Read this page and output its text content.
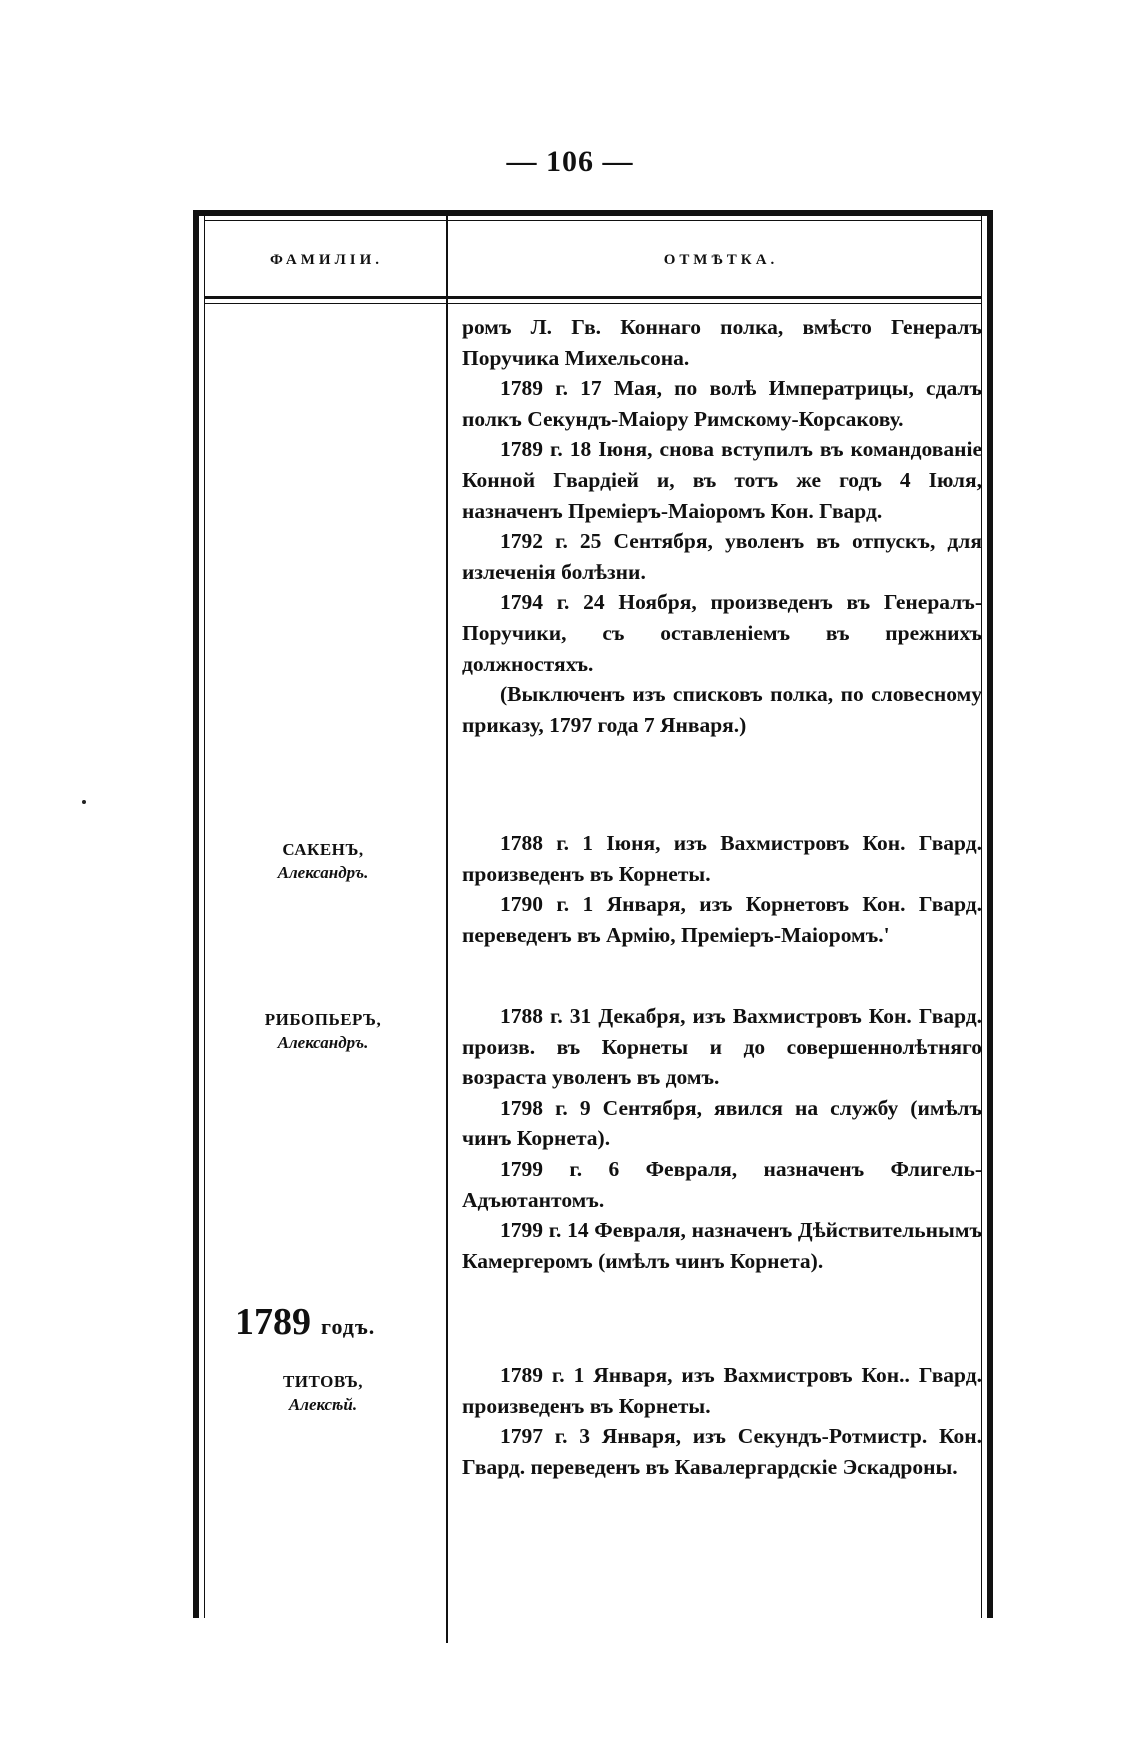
— 106 —
ФАМИЛIИ.	ОТМѢТКА.

ромъ Л. Гв. Коннаго полка, вмѣсто Генералъ Поручика Михельсона.

1789 г. 17 Мая, по волѣ Императрицы, сдалъ полкъ Секундъ-Маiору Римскому-Корсакову.

1789 г. 18 Iюня, снова вступилъ въ командованiе Конной Гвардiей и, въ тотъ же годъ 4 Iюля, назначенъ Премiеръ-Маiоромъ Кон. Гвард.

1792 г. 25 Сентября, уволенъ въ отпускъ, для излеченiя болѣзни.

1794 г. 24 Ноября, произведенъ въ Генералъ-Поручики, съ оставленiемъ въ прежнихъ должностяхъ.

(Выключенъ изъ списковъ полка, по словесному приказу, 1797 года 7 Января.)

САКЕНЪ,
Александръ.

1788 г. 1 Iюня, изъ Вахмистровъ Кон. Гвард. произведенъ въ Корнеты.

1790 г. 1 Января, изъ Корнетовъ Кон. Гвард. переведенъ въ Армiю, Премiеръ-Маiоромъ.'

РИБОПЬЕРЪ,
Александръ.

1788 г. 31 Декабря, изъ Вахмистровъ Кон. Гвард. произв. въ Корнеты и до совершеннолѣтняго возраста уволенъ въ домъ.

1798 г. 9 Сентября, явился на службу (имѣлъ чинъ Корнета).

1799 г. 6 Февраля, назначенъ Флигель-Адъютантомъ.

1799 г. 14 Февраля, назначенъ Дѣйствительнымъ Камергеромъ (имѣлъ чинъ Корнета).

1789 годъ.
ТИТОВЪ,
Алексѣй.

1789 г. 1 Января, изъ Вахмистровъ Кон.. Гвард. произведенъ въ Корнеты.

1797 г. 3 Января, изъ Секундъ-Ротмистр. Кон. Гвард. переведенъ въ Кавалергардскiе Эскадроны.
